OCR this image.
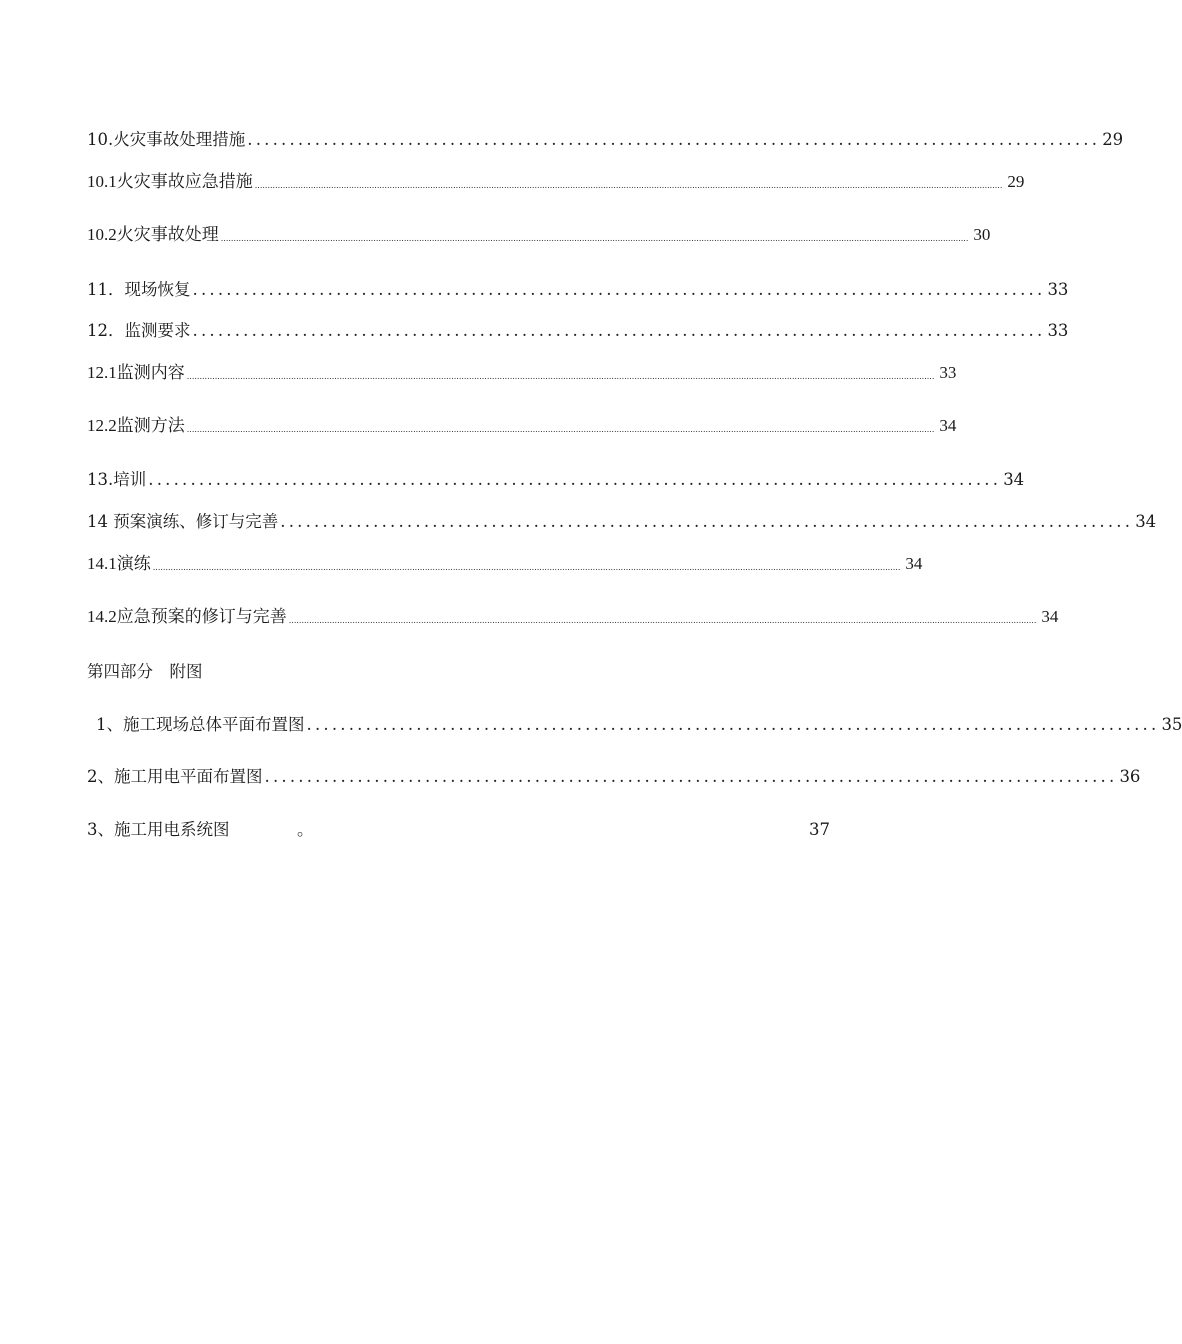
10.火灾事故处理措施 ..................................................................................................... 29
10.1火灾事故应急措施 ...................................................................................................................................................................................................................................................................................................... 29
10.2火灾事故处理 ...................................................................................................................................................................................................................................................................................................... 30
11．现场恢复 ..................................................................................................... 33
12．监测要求 ..................................................................................................... 33
12.1监测内容 ...................................................................................................................................................................................................................................................................................................... 33
12.2监测方法 ...................................................................................................................................................................................................................................................................................................... 34
13.培训 ..................................................................................................... 34
14 预案演练、修订与完善 ..................................................................................................... 34
14.1演练 ...................................................................................................................................................................................................................................................................................................... 34
14.2应急预案的修订与完善 ...................................................................................................................................................................................................................................................................................................... 34
第四部分　附图
1、施工现场总体平面布置图 ..................................................................................................... 35
2、施工用电平面布置图 ..................................................................................................... 36
3、施工用电系统图	。	37
